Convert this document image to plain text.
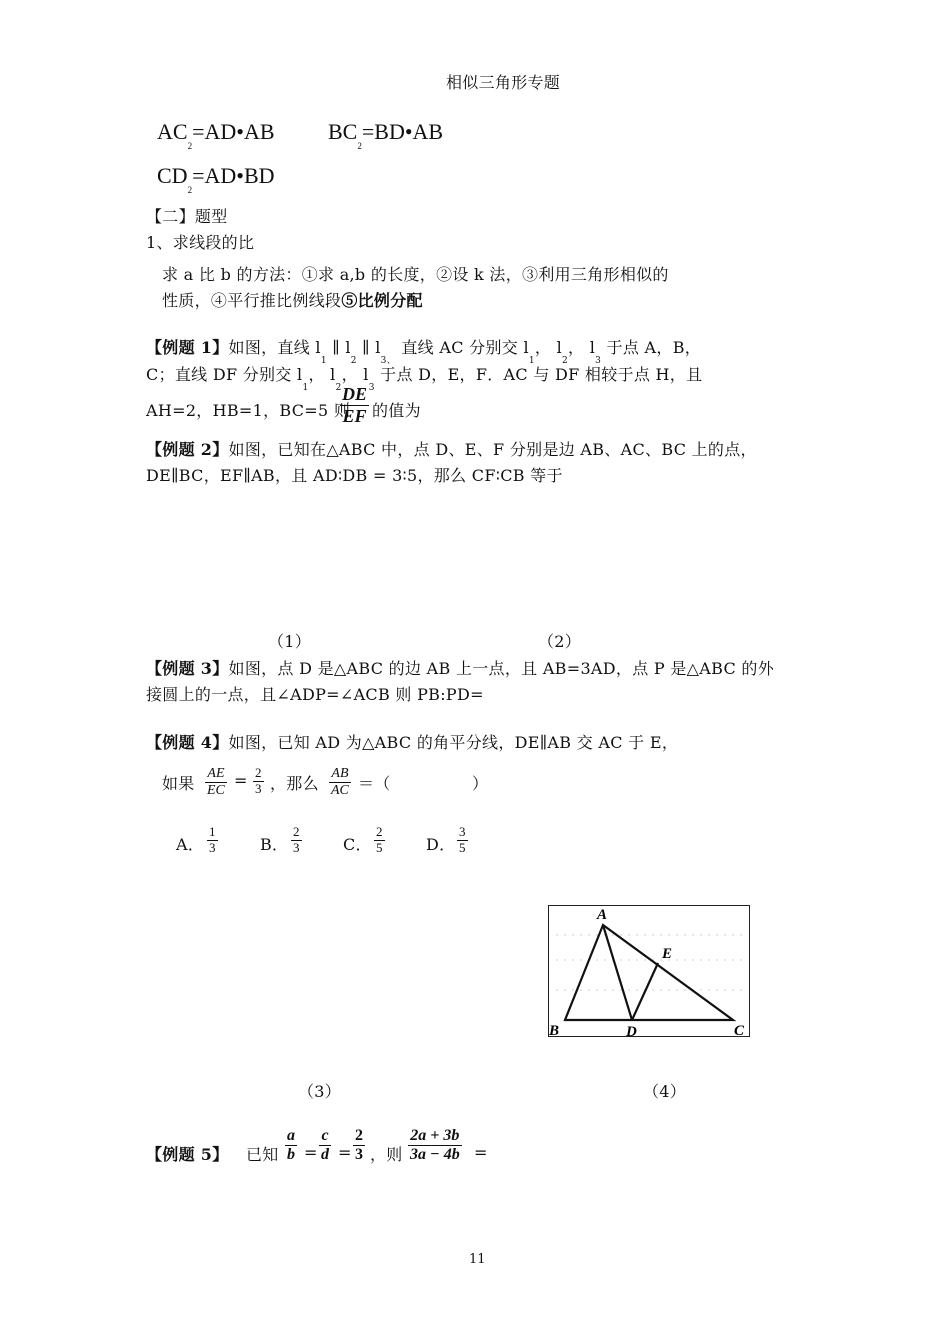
相似三角形专题
$AC_2=AD•AB$ $BC_2=BD•AB$
$CD_2=AD•BD$
【二】题型
1、求线段的比
求 a 比 b 的方法：①求 a,b 的长度，②设 k 法，③利用三角形相似的
性质，④平行推比例线段⑤比例分配
【例题 1】如图，直线 $l_1$ ∥ $l_2$ ∥ $l_{3、}$ 直线 AC 分别交 $l_1$， $l_2$， $l_3$ 于点 A，B，
C；直线 DF 分别交 $l_1$， $l_2$， $l_3$ 于点 D，E，F．AC 与 DF 相较于点 H，且
AH=2，HB=1，BC=5 则
$\frac{DE}{EF}$ 的值为
【例题 2】如图，已知在△ABC 中，点 D、E、F 分别是边 AB、AC、BC 上的点，
DE∥BC，EF∥AB，且 AD∶DB = 3∶5，那么 CF∶CB 等于
（1）	（2）
【例题 3】如图，点 D 是△ABC 的边 AB 上一点，且 AB=3AD，点 P 是△ABC 的外
接圆上的一点，且∠ADP=∠ACB 则 PB:PD=
【例题 4】如图，已知 AD 为△ABC 的角平分线，DE∥AB 交 AC 于 E，
如果 $\frac{AE}{EC} = \frac{2}{3}$ ，那么 $\frac{AB}{AC}$ ＝（	）
A． $\frac{1}{3}$	B． $\frac{2}{3}$	C． $\frac{2}{5}$	D． $\frac{3}{5}$
A
B	C
D
E
（3）	（4）
【例题 5】 已知 $\frac{a}{b} = \frac{c}{d} = \frac{2}{3}$ ，则 $\frac{2a + 3b}{3a - 4b}$ =
11
